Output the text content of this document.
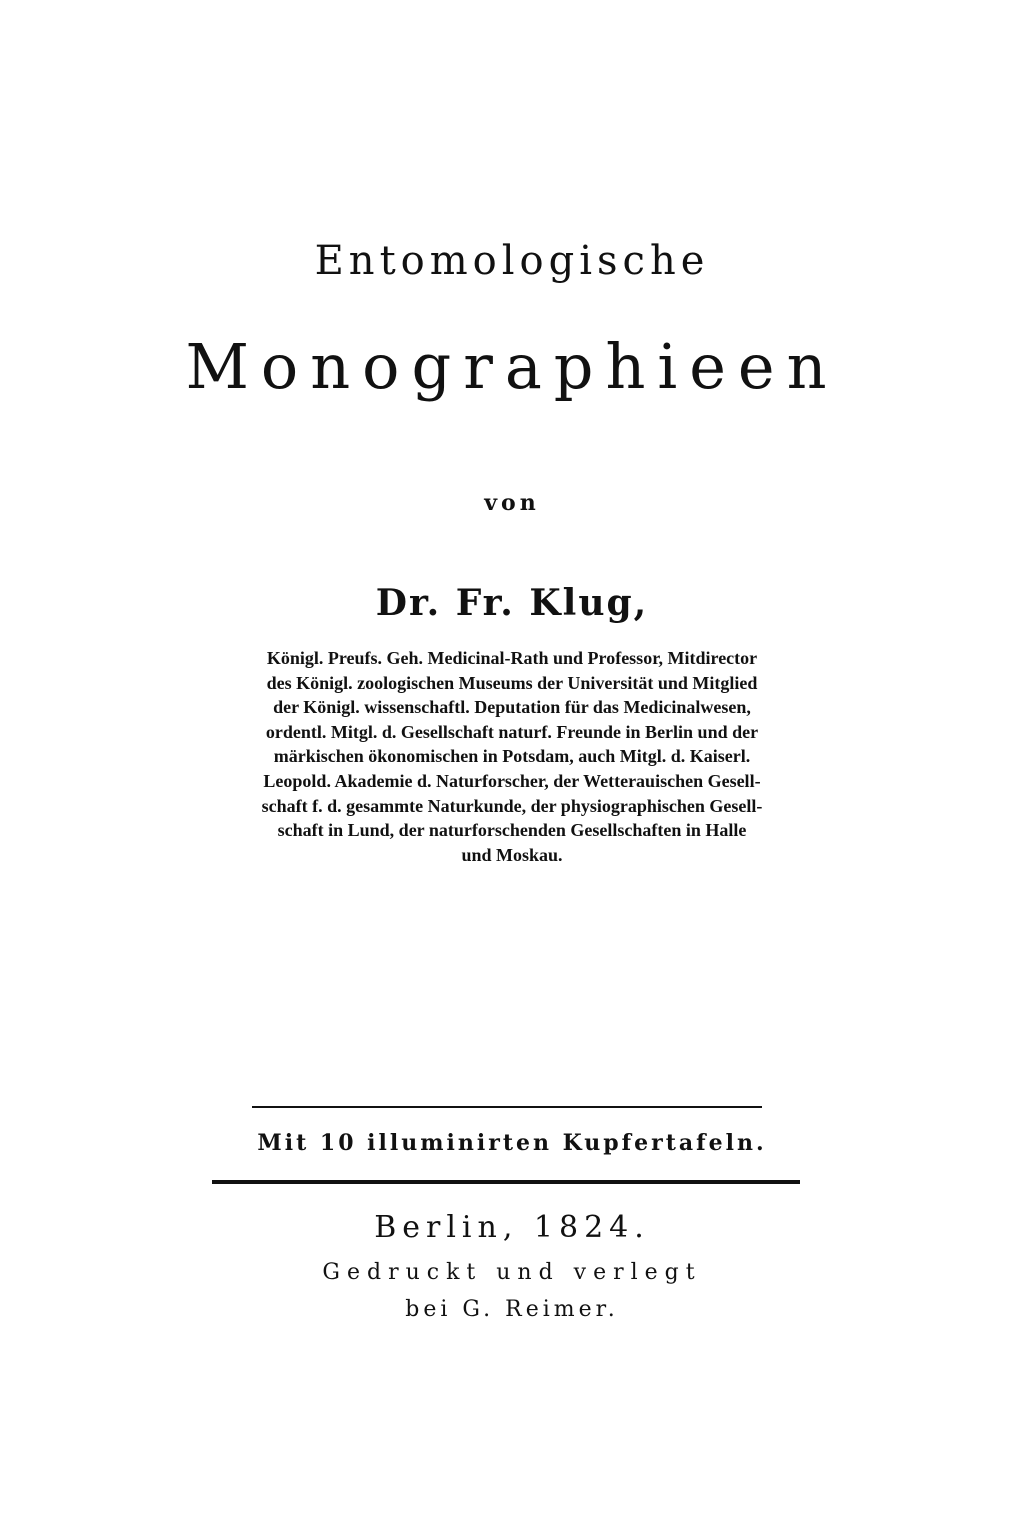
Entomologische
Monographieen
von
Dr. Fr. Klug,
Königl. Preufs. Geh. Medicinal-Rath und Professor, Mitdirector
des Königl. zoologischen Museums der Universität und Mitglied
der Königl. wissenschaftl. Deputation für das Medicinalwesen,
ordentl. Mitgl. d. Gesellschaft naturf. Freunde in Berlin und der
märkischen ökonomischen in Potsdam, auch Mitgl. d. Kaiserl.
Leopold. Akademie d. Naturforscher, der Wetterauischen Gesell-
schaft f. d. gesammte Naturkunde, der physiographischen Gesell-
schaft in Lund, der naturforschenden Gesellschaften in Halle
und Moskau.
Mit 10 illuminirten Kupfertafeln.
Berlin, 1824.
Gedruckt und verlegt
bei G. Reimer.
